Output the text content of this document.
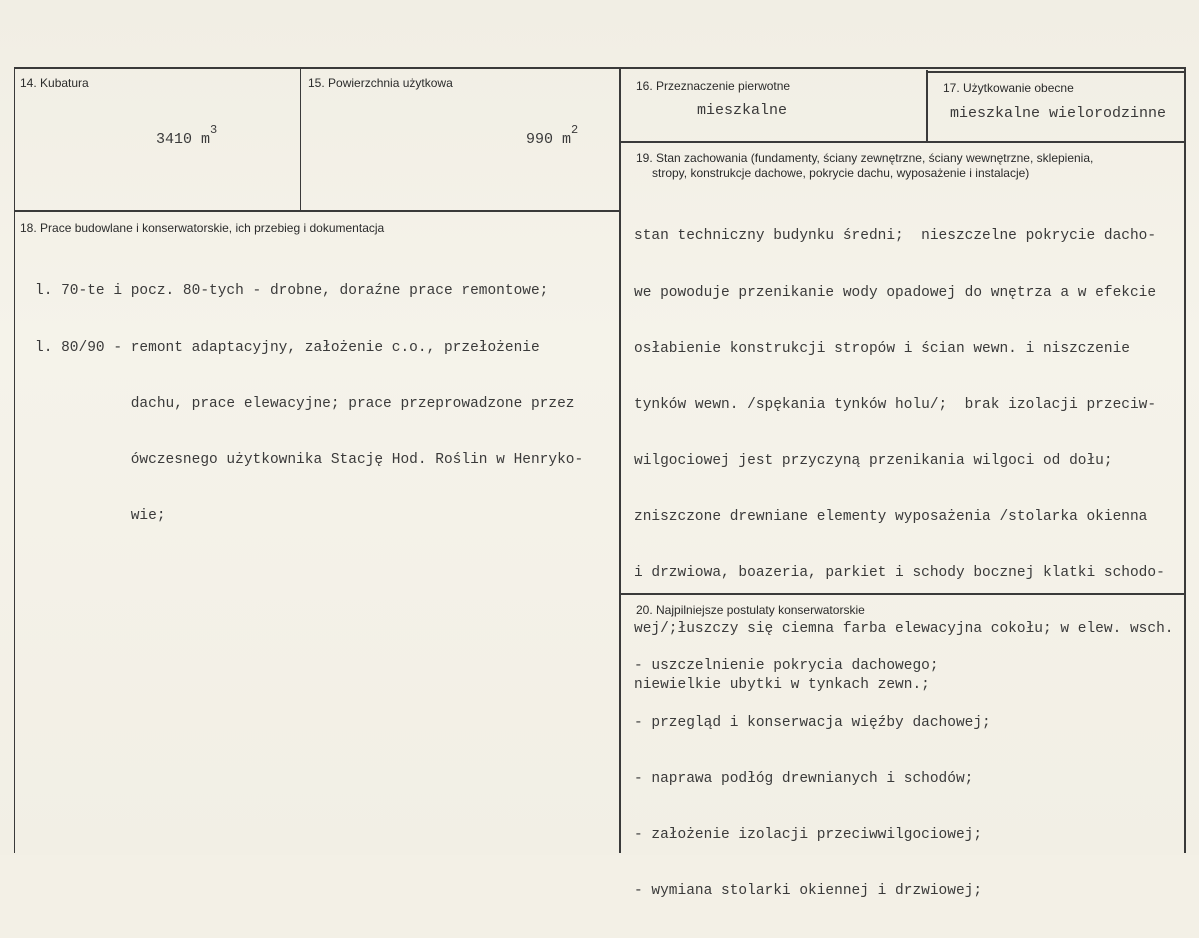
14. Kubatura

3410 $m^3$

15. Powierzchnia użytkowa

990 $m^2$

16. Przeznaczenie pierwotne
mieszkalne
17. Użytkowanie obecne
mieszkalne wielorodzinne
18. Prace budowlane i konserwatorskie, ich przebieg i dokumentacja

l. 70-te i pocz. 80-tych - drobne, doraźne prace remontowe;

l. 80/90 - remont adaptacyjny, założenie c.o., przełożenie

dachu, prace elewacyjne; prace przeprowadzone przez

ówczesnego użytkownika Stację Hod. Roślin w Henryko-

wie;

19. Stan zachowania (fundamenty, ściany zewnętrzne, ściany wewnętrzne, sklepienia,
stropy, konstrukcje dachowe, pokrycie dachu, wyposażenie i instalacje)

stan techniczny budynku średni;  nieszczelne pokrycie dacho-

we powoduje przenikanie wody opadowej do wnętrza a w efekcie

osłabienie konstrukcji stropów i ścian wewn. i niszczenie

tynków wewn. /spękania tynków holu/;  brak izolacji przeciw-

wilgociowej jest przyczyną przenikania wilgoci od dołu;

zniszczone drewniane elementy wyposażenia /stolarka okienna

i drzwiowa, boazeria, parkiet i schody bocznej klatki schodo-

wej/;łuszczy się ciemna farba elewacyjna cokołu; w elew. wsch.

niewielkie ubytki w tynkach zewn.;

20. Najpilniejsze postulaty konserwatorskie

- uszczelnienie pokrycia dachowego;

- przegląd i konserwacja więźby dachowej;

- naprawa podłóg drewnianych i schodów;

- założenie izolacji przeciwwilgociowej;

- wymiana stolarki okiennej i drzwiowej;
